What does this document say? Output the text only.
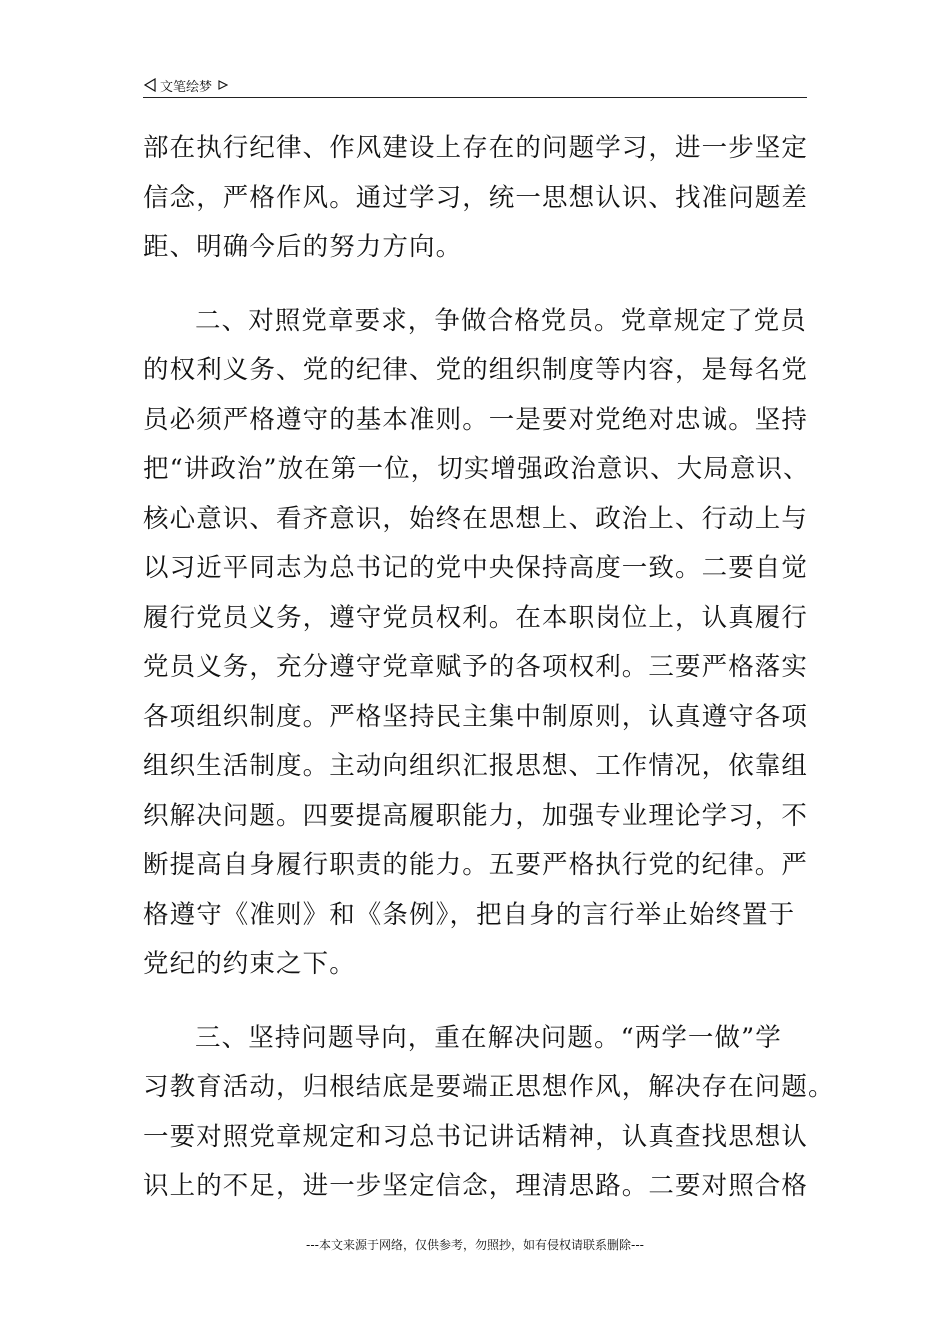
文笔绘梦
部在执行纪律、作风建设上存在的问题学习，进一步坚定
信念，严格作风。通过学习，统一思想认识、找准问题差
距、明确今后的努力方向。
二、对照党章要求，争做合格党员。党章规定了党员
的权利义务、党的纪律、党的组织制度等内容，是每名党
员必须严格遵守的基本准则。一是要对党绝对忠诚。坚持
把“讲政治”放在第一位，切实增强政治意识、大局意识、
核心意识、看齐意识，始终在思想上、政治上、行动上与
以习近平同志为总书记的党中央保持高度一致。二要自觉
履行党员义务，遵守党员权利。在本职岗位上，认真履行
党员义务，充分遵守党章赋予的各项权利。三要严格落实
各项组织制度。严格坚持民主集中制原则，认真遵守各项
组织生活制度。主动向组织汇报思想、工作情况，依靠组
织解决问题。四要提高履职能力，加强专业理论学习，不
断提高自身履行职责的能力。五要严格执行党的纪律。严
格遵守《准则》和《条例》，把自身的言行举止始终置于
党纪的约束之下。
三、坚持问题导向，重在解决问题。“两学一做”学
习教育活动，归根结底是要端正思想作风，解决存在问题。
一要对照党章规定和习总书记讲话精神，认真查找思想认
识上的不足，进一步坚定信念，理清思路。二要对照合格
---本文来源于网络，仅供参考，勿照抄，如有侵权请联系删除---
